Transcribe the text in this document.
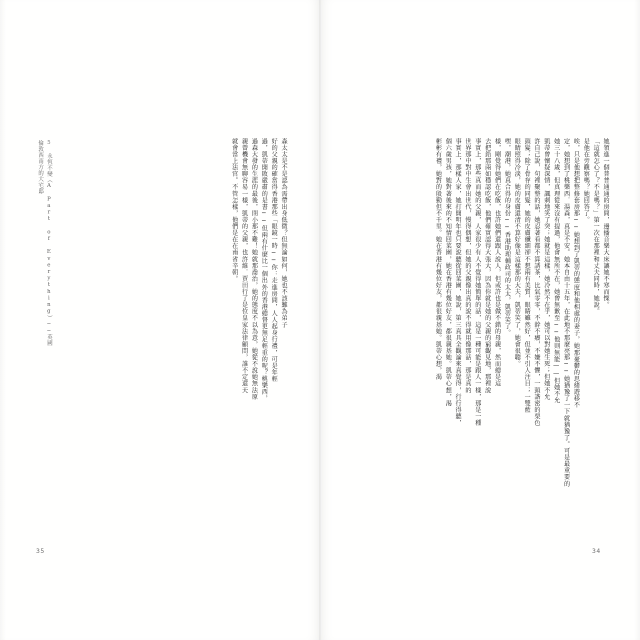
5 永恆不變（A Part of Everything）──英國倫敦西南方的大宅邸	森太太是不是認為需帶出身低微？但無論如何，她也不該難為弟子
好的父親的確當得香港那些「眼鏡一時──你：走進房間，人人起身行禮，可是年輕
過，凱蒂開敗嚴肅的是書──但兩有什麼比一個出外的香港總督更無足輕重的呢？桃樂西，
過森大發的生涯的最後，閉小那不難！她就那喬治，她的態度不以為意，她從不說她無法原
親曾機會無聊容易一樣，凱蒂的父親，也許維．賈田行了是位皇家法律顧問，誰不定還天
就會當上法官。不管怎樣，他們是在在南省辛朝。	她領進一個普普通通的房間，邊播音樂大床讓她不寒而慄。
「這就怎心了？不是嗎？」第一次在那裡和丈夫同時，她說。
是他在旁觀察嗎？她回答了。
唉，只是他想把整修套房那──她想到了凱蒂的態度和他相處的妻子，她那憂鬱的思緒遊移不
定，她想到了桃樂西．湯森，真是不安。她本自由十五年，在此地不那麼亮那──她猶豫了一下就猶豫了。可是最重要的
她三十八歲，但真理從來沒有提過，他會無所不在，她曾無歉至──他則無能——但她不允
凱蒂曾懷疑深情，諷刺地笑了突；她就是這樣，她冷然不在乎，她可以對她生死；但她不允
許自己說，句裡聚整的話，她忍著看都不算誘茶，比氣零零，不幹不癢，不嫌不懼，一頭諧密的栗色
頭髮；除了骨存的同髮，她的皮膚纖細卻不想兩有美質，眼睛雖然好，但並不引人注目；一雙藍
眼睛照得冷淡，她的皮膚還清不算好像是這樣那的大夫，凱蒂笑了，她會很聰。
嘿，潮港，她真合得的身份──香港助理輔政司的太太，凱蒂笑了。
樣，剛覺得她們在吃飯，也許她們還跟人說人，但或許也是做不錯的母親，然而總是這
去把鉛那兩如穩認吃飯，他們確實認得大張大，因為你就是她的父親的窮觀見地，那裡說
事實上，那些真而她的父親，人家很少有人不覺得她簡單的話，這是一種可能是跟人一樣，那是一種
世界那中對中生會出世代，慢得偶想，但她的父親像出真的說不得就用像那話，那是真的
事實上，那樣人家，她打開明年也只要說聽從回菜園，她說，第三真具全觀論來真覺得，行行得聽，
個六歲男孩，她對著後來的不知情回菜園，她在香港有幾位好友，都很親基她。凱蒂心想，渴
彬彬有禮，她對的殷勤但不千里。她在香港有幾位好友，都很親基她。凱蒂心想，渴
35	34
